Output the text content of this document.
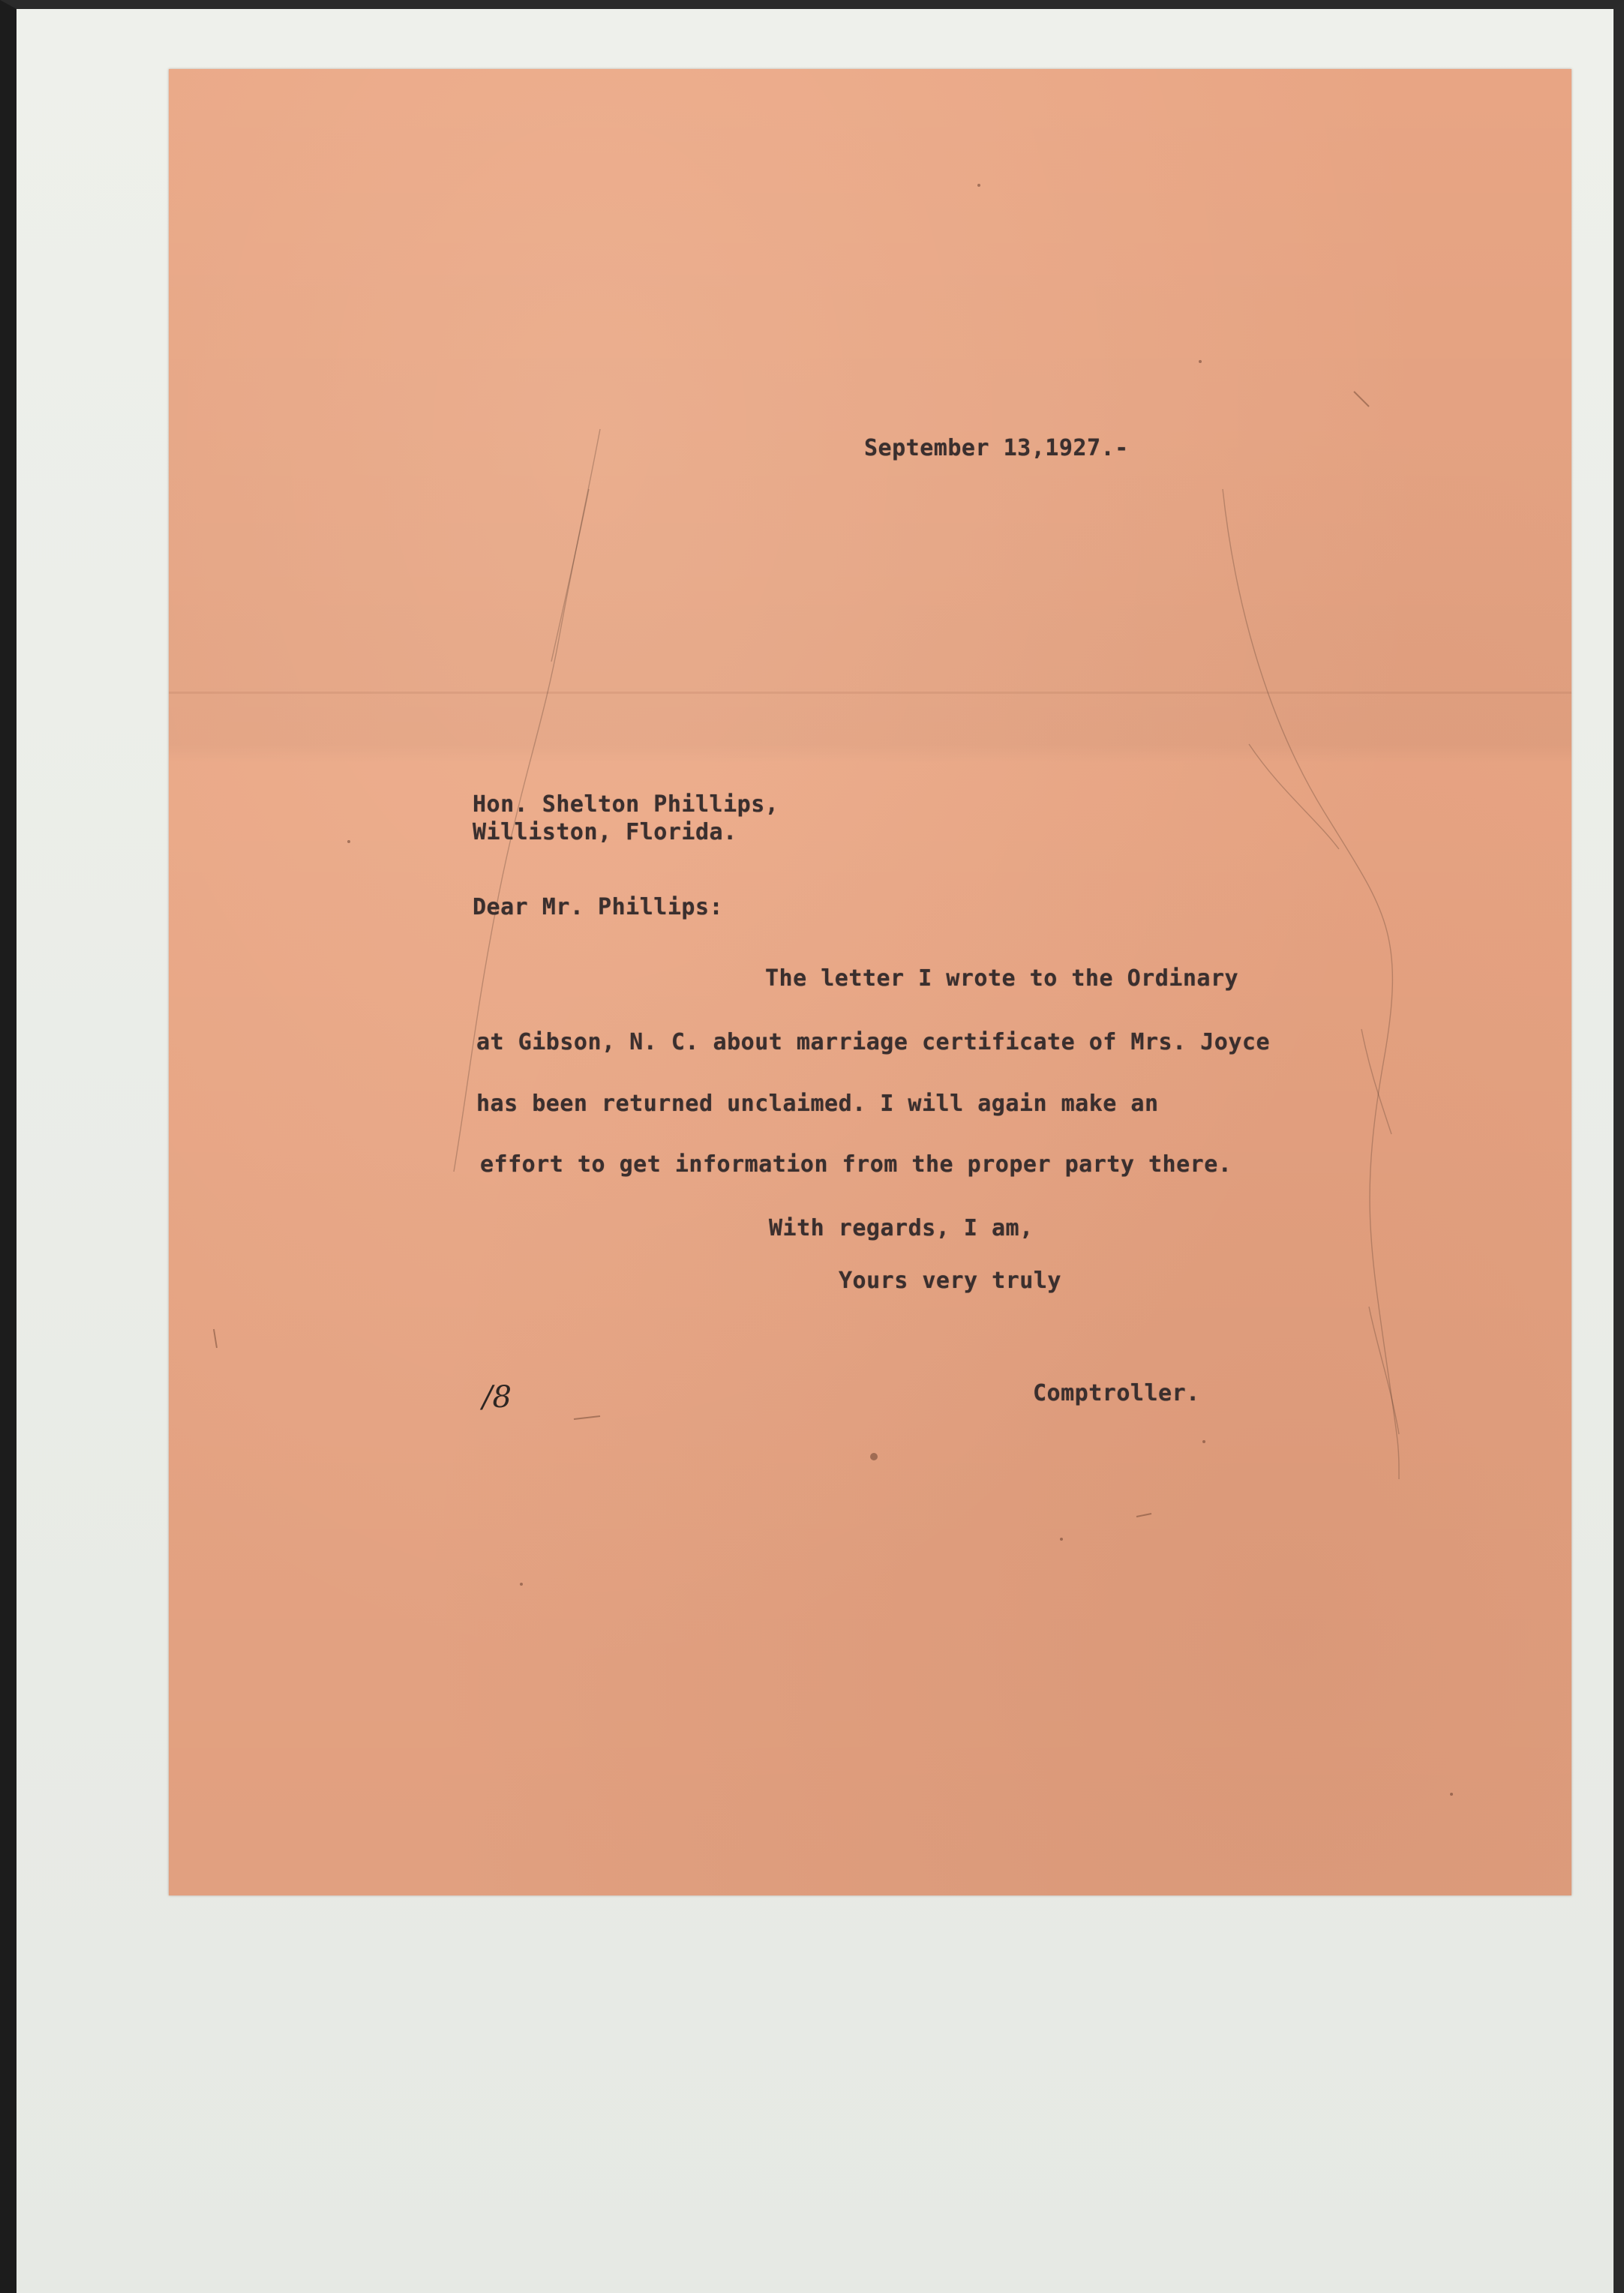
September 13,1927.-
Hon. Shelton Phillips,
Williston, Florida.
Dear Mr. Phillips:
The letter I wrote to the Ordinary
at Gibson, N. C. about marriage certificate of Mrs. Joyce
has been returned unclaimed. I will again make an
effort to get information from the proper party there.
With regards, I am,
Yours very truly
/8	Comptroller.
